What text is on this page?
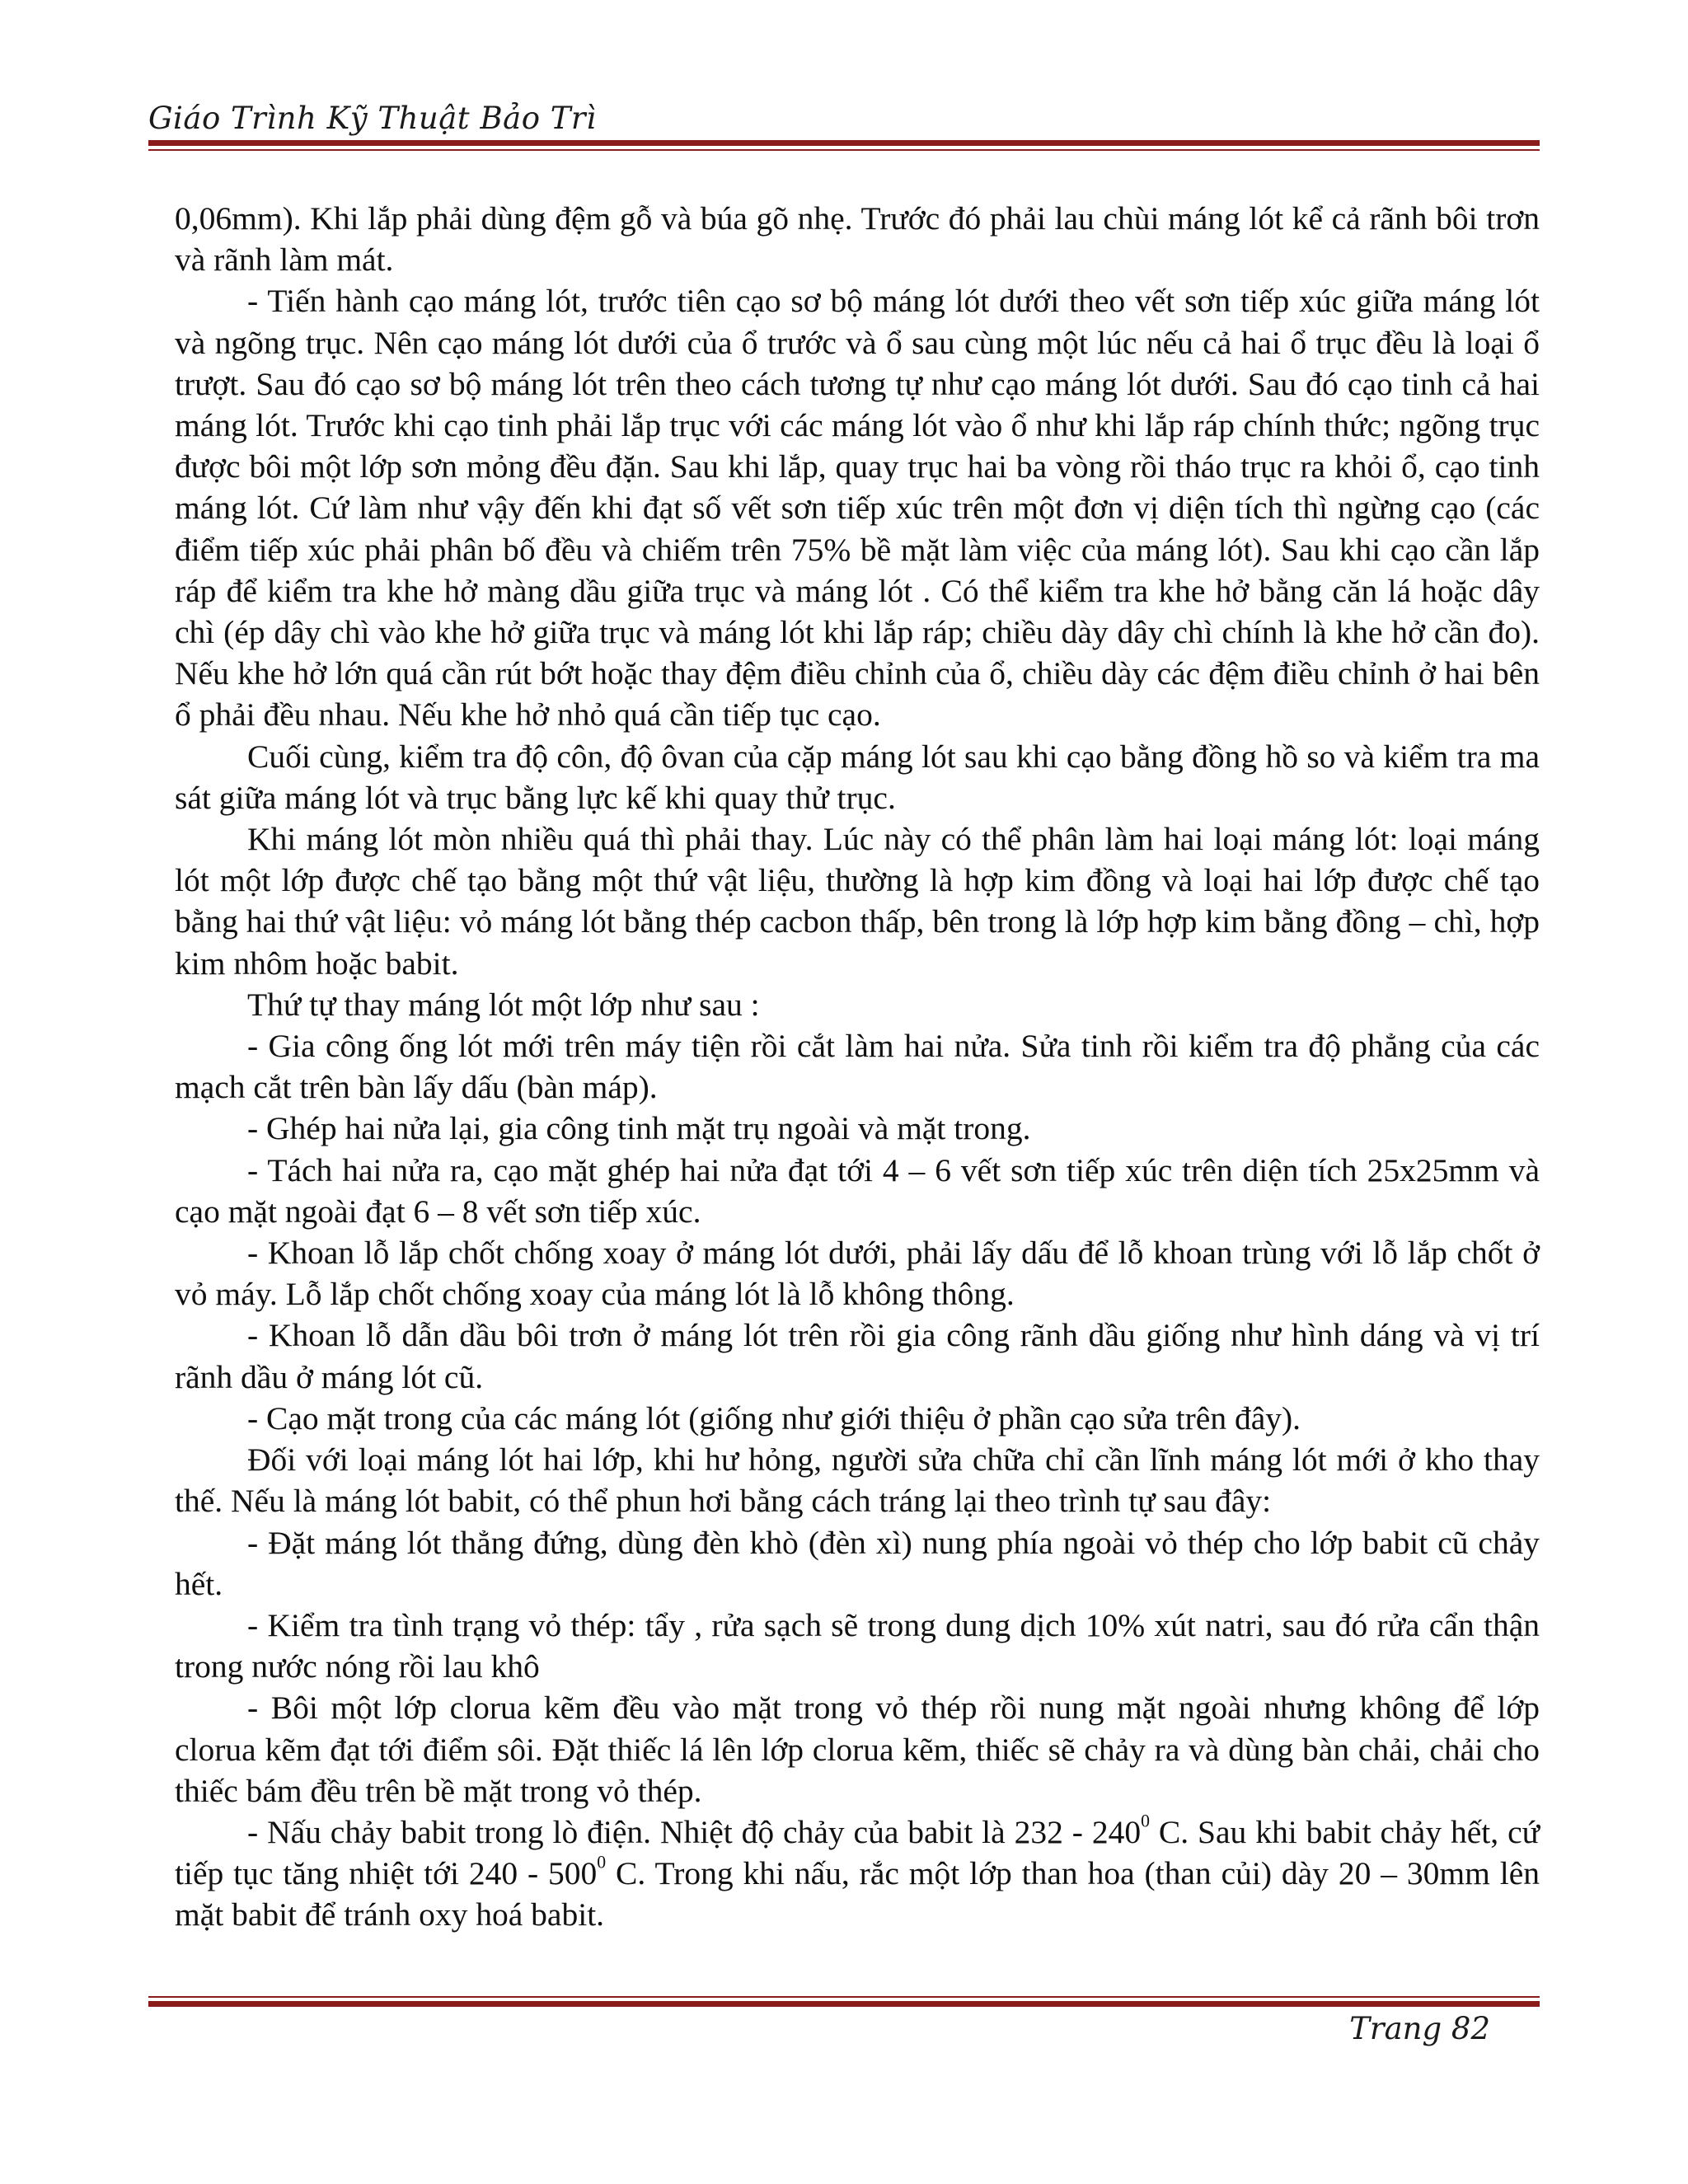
Giáo Trình Kỹ Thuật Bảo Trì

0,06mm). Khi lắp phải dùng đệm gỗ và búa gõ nhẹ. Trước đó phải lau chùi máng lót kể cả rãnh bôi trơn và rãnh làm mát.

- Tiến hành cạo máng lót, trước tiên cạo sơ bộ máng lót dưới theo vết sơn tiếp xúc giữa máng lót và ngõng trục. Nên cạo máng lót dưới của ổ trước và ổ sau cùng một lúc nếu cả hai ổ trục đều là loại ổ trượt. Sau đó cạo sơ bộ máng lót trên theo cách tương tự như cạo máng lót dưới. Sau đó cạo tinh cả hai máng lót. Trước khi cạo tinh phải lắp trục với các máng lót vào ổ như khi lắp ráp chính thức; ngõng trục được bôi một lớp sơn mỏng đều đặn. Sau khi lắp, quay trục hai ba vòng rồi tháo trục ra khỏi ổ, cạo tinh máng lót. Cứ làm như vậy đến khi đạt số vết sơn tiếp xúc trên một đơn vị diện tích thì ngừng cạo (các điểm tiếp xúc phải phân bố đều và chiếm trên 75% bề mặt làm việc của máng lót). Sau khi cạo cần lắp ráp để kiểm tra khe hở màng dầu giữa trục và máng lót . Có thể kiểm tra khe hở bằng căn lá hoặc dây chì (ép dây chì vào khe hở giữa trục và máng lót khi lắp ráp; chiều dày dây chì chính là khe hở cần đo). Nếu khe hở lớn quá cần rút bớt hoặc thay đệm điều chỉnh của ổ, chiều dày các đệm điều chỉnh ở hai bên ổ phải đều nhau. Nếu khe hở nhỏ quá cần tiếp tục cạo.

Cuối cùng, kiểm tra độ côn, độ ôvan của cặp máng lót sau khi cạo bằng đồng hồ so và kiểm tra ma sát giữa máng lót và trục bằng lực kế khi quay thử trục.

Khi máng lót mòn nhiều quá thì phải thay. Lúc này có thể phân làm hai loại máng lót: loại máng lót một lớp được chế tạo bằng một thứ vật liệu, thường là hợp kim đồng và loại hai lớp được chế tạo bằng hai thứ vật liệu: vỏ máng lót bằng thép cacbon thấp, bên trong là lớp hợp kim bằng đồng – chì, hợp kim nhôm hoặc babit.

Thứ tự thay máng lót một lớp như sau :

- Gia công ống lót mới trên máy tiện rồi cắt làm hai nửa. Sửa tinh rồi kiểm tra độ phẳng của các mạch cắt trên bàn lấy dấu (bàn máp).

- Ghép hai nửa lại, gia công tinh mặt trụ ngoài và mặt trong.

- Tách hai nửa ra, cạo mặt ghép hai nửa đạt tới 4 – 6 vết sơn tiếp xúc trên diện tích 25x25mm và cạo mặt ngoài đạt 6 – 8 vết sơn tiếp xúc.

- Khoan lỗ lắp chốt chống xoay ở máng lót dưới, phải lấy dấu để lỗ khoan trùng với lỗ lắp chốt ở vỏ máy. Lỗ lắp chốt chống xoay của máng lót là lỗ không thông.

- Khoan lỗ dẫn dầu bôi trơn ở máng lót trên rồi gia công rãnh dầu giống như hình dáng và vị trí rãnh dầu ở máng lót cũ.

- Cạo mặt trong của các máng lót (giống như giới thiệu ở phần cạo sửa trên đây).

Đối với loại máng lót hai lớp, khi hư hỏng, người sửa chữa chỉ cần lĩnh máng lót mới ở kho thay thế. Nếu là máng lót babit, có thể phun hơi bằng cách tráng lại theo trình tự sau đây:

- Đặt máng lót thẳng đứng, dùng đèn khò (đèn xì) nung phía ngoài vỏ thép cho lớp babit cũ chảy hết.

- Kiểm tra tình trạng vỏ thép: tẩy , rửa sạch sẽ trong dung dịch 10% xút natri, sau đó rửa cẩn thận trong nước nóng rồi lau khô

- Bôi một lớp clorua kẽm đều vào mặt trong vỏ thép rồi nung mặt ngoài nhưng không để lớp clorua kẽm đạt tới điểm sôi. Đặt thiếc lá lên lớp clorua kẽm, thiếc sẽ chảy ra và dùng bàn chải, chải cho thiếc bám đều trên bề mặt trong vỏ thép.

- Nấu chảy babit trong lò điện. Nhiệt độ chảy của babit là $232 - 240^0$ C. Sau khi babit chảy hết, cứ tiếp tục tăng nhiệt tới $240 - 500^0$ C. Trong khi nấu, rắc một lớp than hoa (than củi) dày 20 – 30mm lên mặt babit để tránh oxy hoá babit.

Trang 82
